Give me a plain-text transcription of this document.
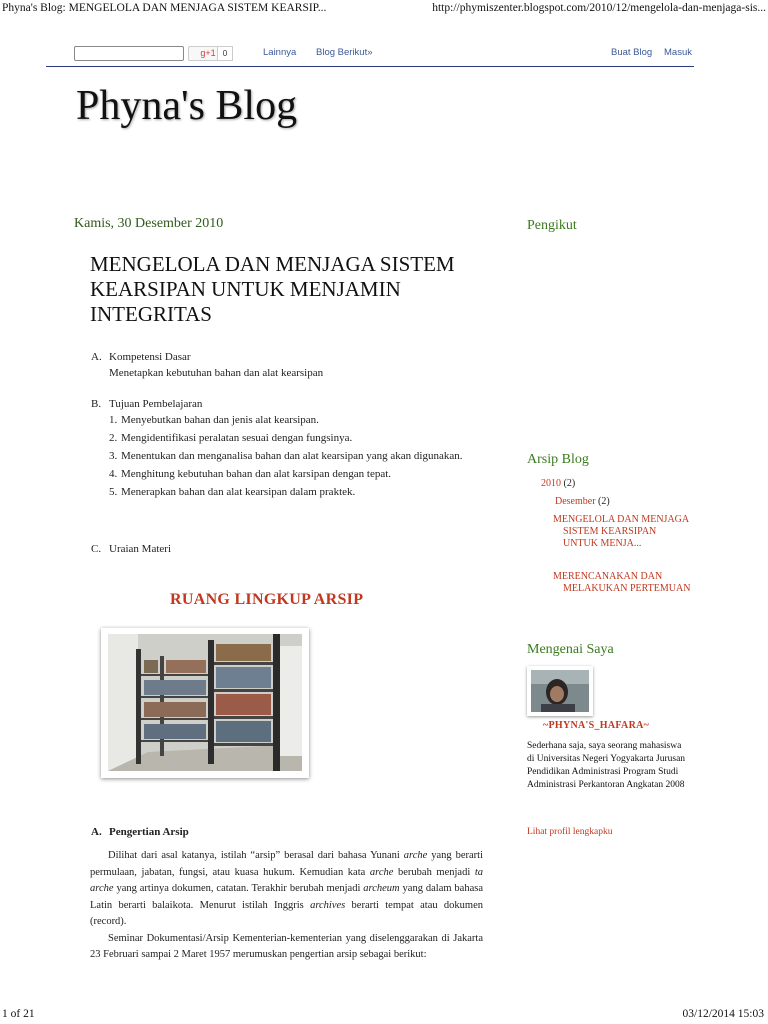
Phyna's Blog: MENGELOLA DAN MENJAGA SISTEM KEARSIP...	http://phymiszenter.blogspot.com/2010/12/mengelola-dan-menjaga-sis...
g+1 0	Lainnya Blog Berikut»	Buat Blog Masuk
Phyna's Blog
Kamis, 30 Desember 2010
MENGELOLA DAN MENJAGA SISTEM KEARSIPAN UNTUK MENJAMIN INTEGRITAS
A. Kompetensi Dasar
Menetapkan kebutuhan bahan dan alat kearsipan
B. Tujuan Pembelajaran
1. Menyebutkan bahan dan jenis alat kearsipan.
2. Mengidentifikasi peralatan sesuai dengan fungsinya.
3. Menentukan dan menganalisa bahan dan alat kearsipan yang akan digunakan.
4. Menghitung kebutuhan bahan dan alat karsipan dengan tepat.
5. Menerapkan bahan dan alat kearsipan dalam praktek.
C. Uraian Materi
RUANG LINGKUP ARSIP
A. Pengertian Arsip
Dilihat dari asal katanya, istilah “arsip” berasal dari bahasa Yunani arche yang berarti permulaan, jabatan, fungsi, atau kuasa hukum. Kemudian kata arche berubah menjadi ta arche yang artinya dokumen, catatan. Terakhir berubah menjadi archeum yang dalam bahasa Latin berarti balaikota. Menurut istilah Inggris archives berarti tempat atau dokumen (record).
Seminar Dokumentasi/Arsip Kementerian-kementerian yang diselenggarakan di Jakarta 23 Februari sampai 2 Maret 1957 merumuskan pengertian arsip sebagai berikut:
Pengikut
Arsip Blog
2010 (2)
Desember (2)
MENGELOLA DAN MENJAGA SISTEM KEARSIPAN UNTUK MENJA...
MERENCANAKAN DAN MELAKUKAN PERTEMUAN
Mengenai Saya
~PHYNA'S_HAFARA~
Sederhana saja, saya seorang mahasiswa di Universitas Negeri Yogyakarta Jurusan Pendidikan Administrasi Program Studi Administrasi Perkantoran Angkatan 2008
Lihat profil lengkapku
1 of 21	03/12/2014 15:03
